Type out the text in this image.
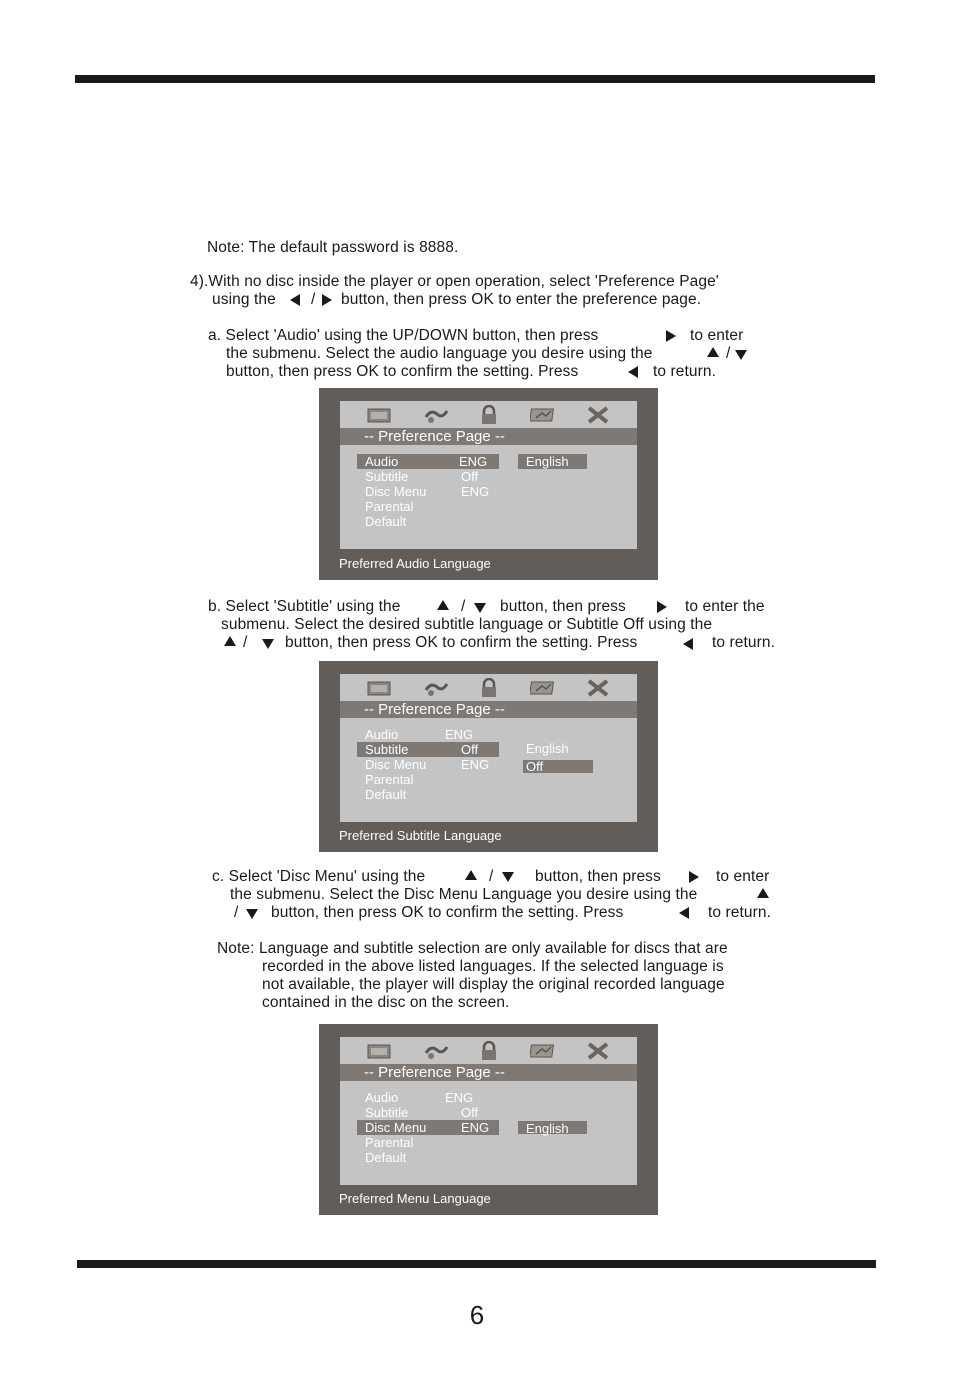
Note: The default password is 8888.
4).With no disc inside the player or open operation, select 'Preference Page'
using the / button, then press OK to enter the preference page.
a. Select 'Audio' using the UP/DOWN button, then press	to enter
the submenu. Select the audio language you desire using the	/
button, then press OK to confirm the setting. Press	to return.
-- Preference Page --
Audio
Subtitle
Disc Menu
Parental
Default
ENG
Off
ENG
English
Preferred Audio Language
b. Select 'Subtitle' using the	/ button, then press	to enter the
submenu. Select the desired subtitle language or Subtitle Off using the
/ button, then press OK to confirm the setting. Press	to return.
-- Preference Page --
Audio
Subtitle
Disc Menu
Parental
Default
ENG
Off
ENG
English
Off
Preferred Subtitle Language
c. Select 'Disc Menu' using the	/	button, then press	to enter
the submenu. Select the Disc Menu Language you desire using the
/ button, then press OK to confirm the setting. Press	to return.
Note: Language and subtitle selection are only available for discs that are
recorded in the above listed languages. If the selected language is
not available, the player will display the original recorded language
contained in the disc on the screen.
-- Preference Page --
Audio
Subtitle
Disc Menu
Parental
Default
ENG
Off
ENG	English
Preferred Menu Language
6
